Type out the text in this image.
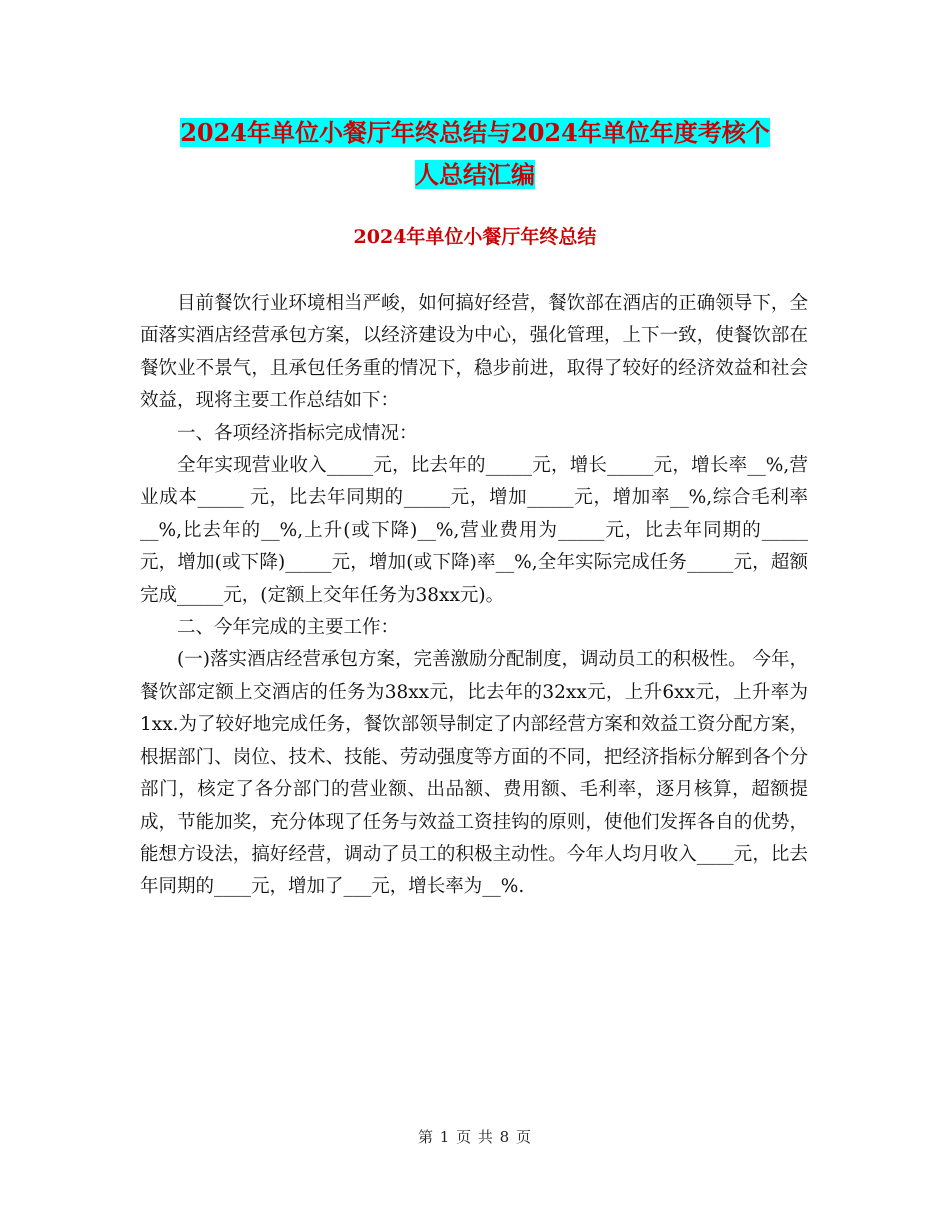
2024年单位小餐厅年终总结与2024年单位年度考核个
人总结汇编
2024年单位小餐厅年终总结

目前餐饮行业环境相当严峻，如何搞好经营，餐饮部在酒店的正确领导下，全面落实酒店经营承包方案，以经济建设为中心，强化管理，上下一致，使餐饮部在餐饮业不景气，且承包任务重的情况下，稳步前进，取得了较好的经济效益和社会效益，现将主要工作总结如下：

一、各项经济指标完成情况：

全年实现营业收入_____元，比去年的_____元，增长_____元，增长率__%,营业成本_____ 元，比去年同期的_____元，增加_____元，增加率__%,综合毛利率__%,比去年的__%,上升(或下降)__%,营业费用为_____元，比去年同期的_____元，增加(或下降)_____元，增加(或下降)率__%,全年实际完成任务_____元，超额完成_____元，(定额上交年任务为38xx元)。

二、今年完成的主要工作：

(一)落实酒店经营承包方案，完善激励分配制度，调动员工的积极性。 今年，餐饮部定额上交酒店的任务为38xx元，比去年的32xx元，上升6xx元，上升率为1xx.为了较好地完成任务，餐饮部领导制定了内部经营方案和效益工资分配方案，根据部门、岗位、技术、技能、劳动强度等方面的不同，把经济指标分解到各个分部门，核定了各分部门的营业额、出品额、费用额、毛利率，逐月核算，超额提成，节能加奖，充分体现了任务与效益工资挂钩的原则，使他们发挥各自的优势，能想方设法，搞好经营，调动了员工的积极主动性。今年人均月收入____元，比去年同期的____元，增加了___元，增长率为__%.

第 1 页 共 8 页
